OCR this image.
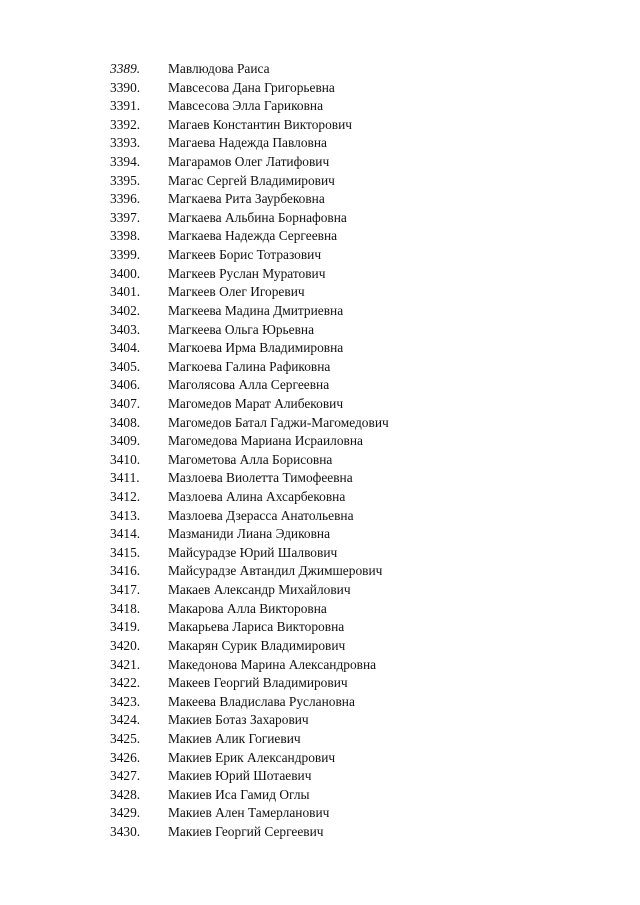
3389. Мавлюдова Раиса
3390. Мавсесова Дана Григорьевна
3391. Мавсесова Элла Гариковна
3392. Магаев Константин Викторович
3393. Магаева Надежда Павловна
3394. Магарамов Олег Латифович
3395. Магас Сергей Владимирович
3396. Магкаева Рита Заурбековна
3397. Магкаева Альбина Борнафовна
3398. Магкаева Надежда Сергеевна
3399. Магкеев Борис Тотразович
3400. Магкеев Руслан Муратович
3401. Магкеев Олег Игоревич
3402. Магкеева Мадина Дмитриевна
3403. Магкеева Ольга Юрьевна
3404. Магкоева Ирма Владимировна
3405. Магкоева Галина Рафиковна
3406. Маголясова Алла Сергеевна
3407. Магомедов Марат Алибекович
3408. Магомедов Батал Гаджи-Магомедович
3409. Магомедова Мариана Исраиловна
3410. Магометова Алла Борисовна
3411. Мазлоева Виолетта Тимофеевна
3412. Мазлоева Алина Ахсарбековна
3413. Мазлоева Дзерасса Анатольевна
3414. Мазманиди Лиана Эдиковна
3415. Майсурадзе Юрий Шалвович
3416. Майсурадзе Автандил Джимшерович
3417. Макаев Александр Михайлович
3418. Макарова Алла Викторовна
3419. Макарьева Лариса Викторовна
3420. Макарян Сурик Владимирович
3421. Македонова Марина Александровна
3422. Макеев Георгий Владимирович
3423. Макеева Владислава Руслановна
3424. Макиев Ботаз Захарович
3425. Макиев Алик Гогиевич
3426. Макиев Ерик Александрович
3427. Макиев Юрий Шотаевич
3428. Макиев Иса Гамид Оглы
3429. Макиев Ален Тамерланович
3430. Макиев Георгий Сергеевич
